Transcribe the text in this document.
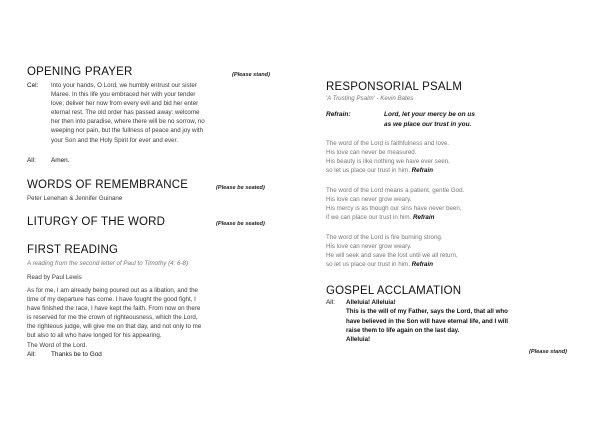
OPENING PRAYER	(Please stand)
Cel: Into your hands, O Lord, we humbly entrust our sister
Maree. In this life you embraced her with your tender
love; deliver her now from every evil and bid her enter
eternal rest. The old order has passed away: welcome
her then into paradise, where there will be no sorrow, no
weeping nor pain, but the fullness of peace and joy with
your Son and the Holy Spirit for ever and ever.
All: Amen.
WORDS OF REMEMBRANCE	(Please be seated)
Peter Lenehan & Jennifer Guinane
LITURGY OF THE WORD	(Please be seated)
FIRST READING
A reading from the second letter of Paul to Timothy (4: 6-8)
Read by Paul Lewis
As for me, I am already being poured out as a libation, and the
time of my departure has come. I have fought the good fight, I
have finished the race, I have kept the faith. From now on there
is reserved for me the crown of righteousness, which the Lord,
the righteous judge, will give me on that day, and not only to me
but also to all who have longed for his appearing.
The Word of the Lord.
All: Thanks be to God
RESPONSORIAL PSALM
'A Trusting Psalm' - Kevin Bates
Refrain:	Lord, let your mercy be on us
as we place our trust in you.
The word of the Lord is faithfulness and love.
His love can never be measured.
His beauty is like nothing we have ever seen,
so let us place our trust in him. Refrain
The word of the Lord means a patient, gentle God.
His love can never grow weary.
His mercy is as though our sins have never been,
if we can place our trust in him. Refrain
The word of the Lord is fire burning strong.
His love can never grow weary.
He will seek and save the lost until we all return,
so let us place our trust in him. Refrain
GOSPEL ACCLAMATION
All: Alleluia! Alleluia!
This is the will of my Father, says the Lord, that all who
have believed in the Son will have eternal life, and I will
raise them to life again on the last day.
Alleluia!
(Please stand)
